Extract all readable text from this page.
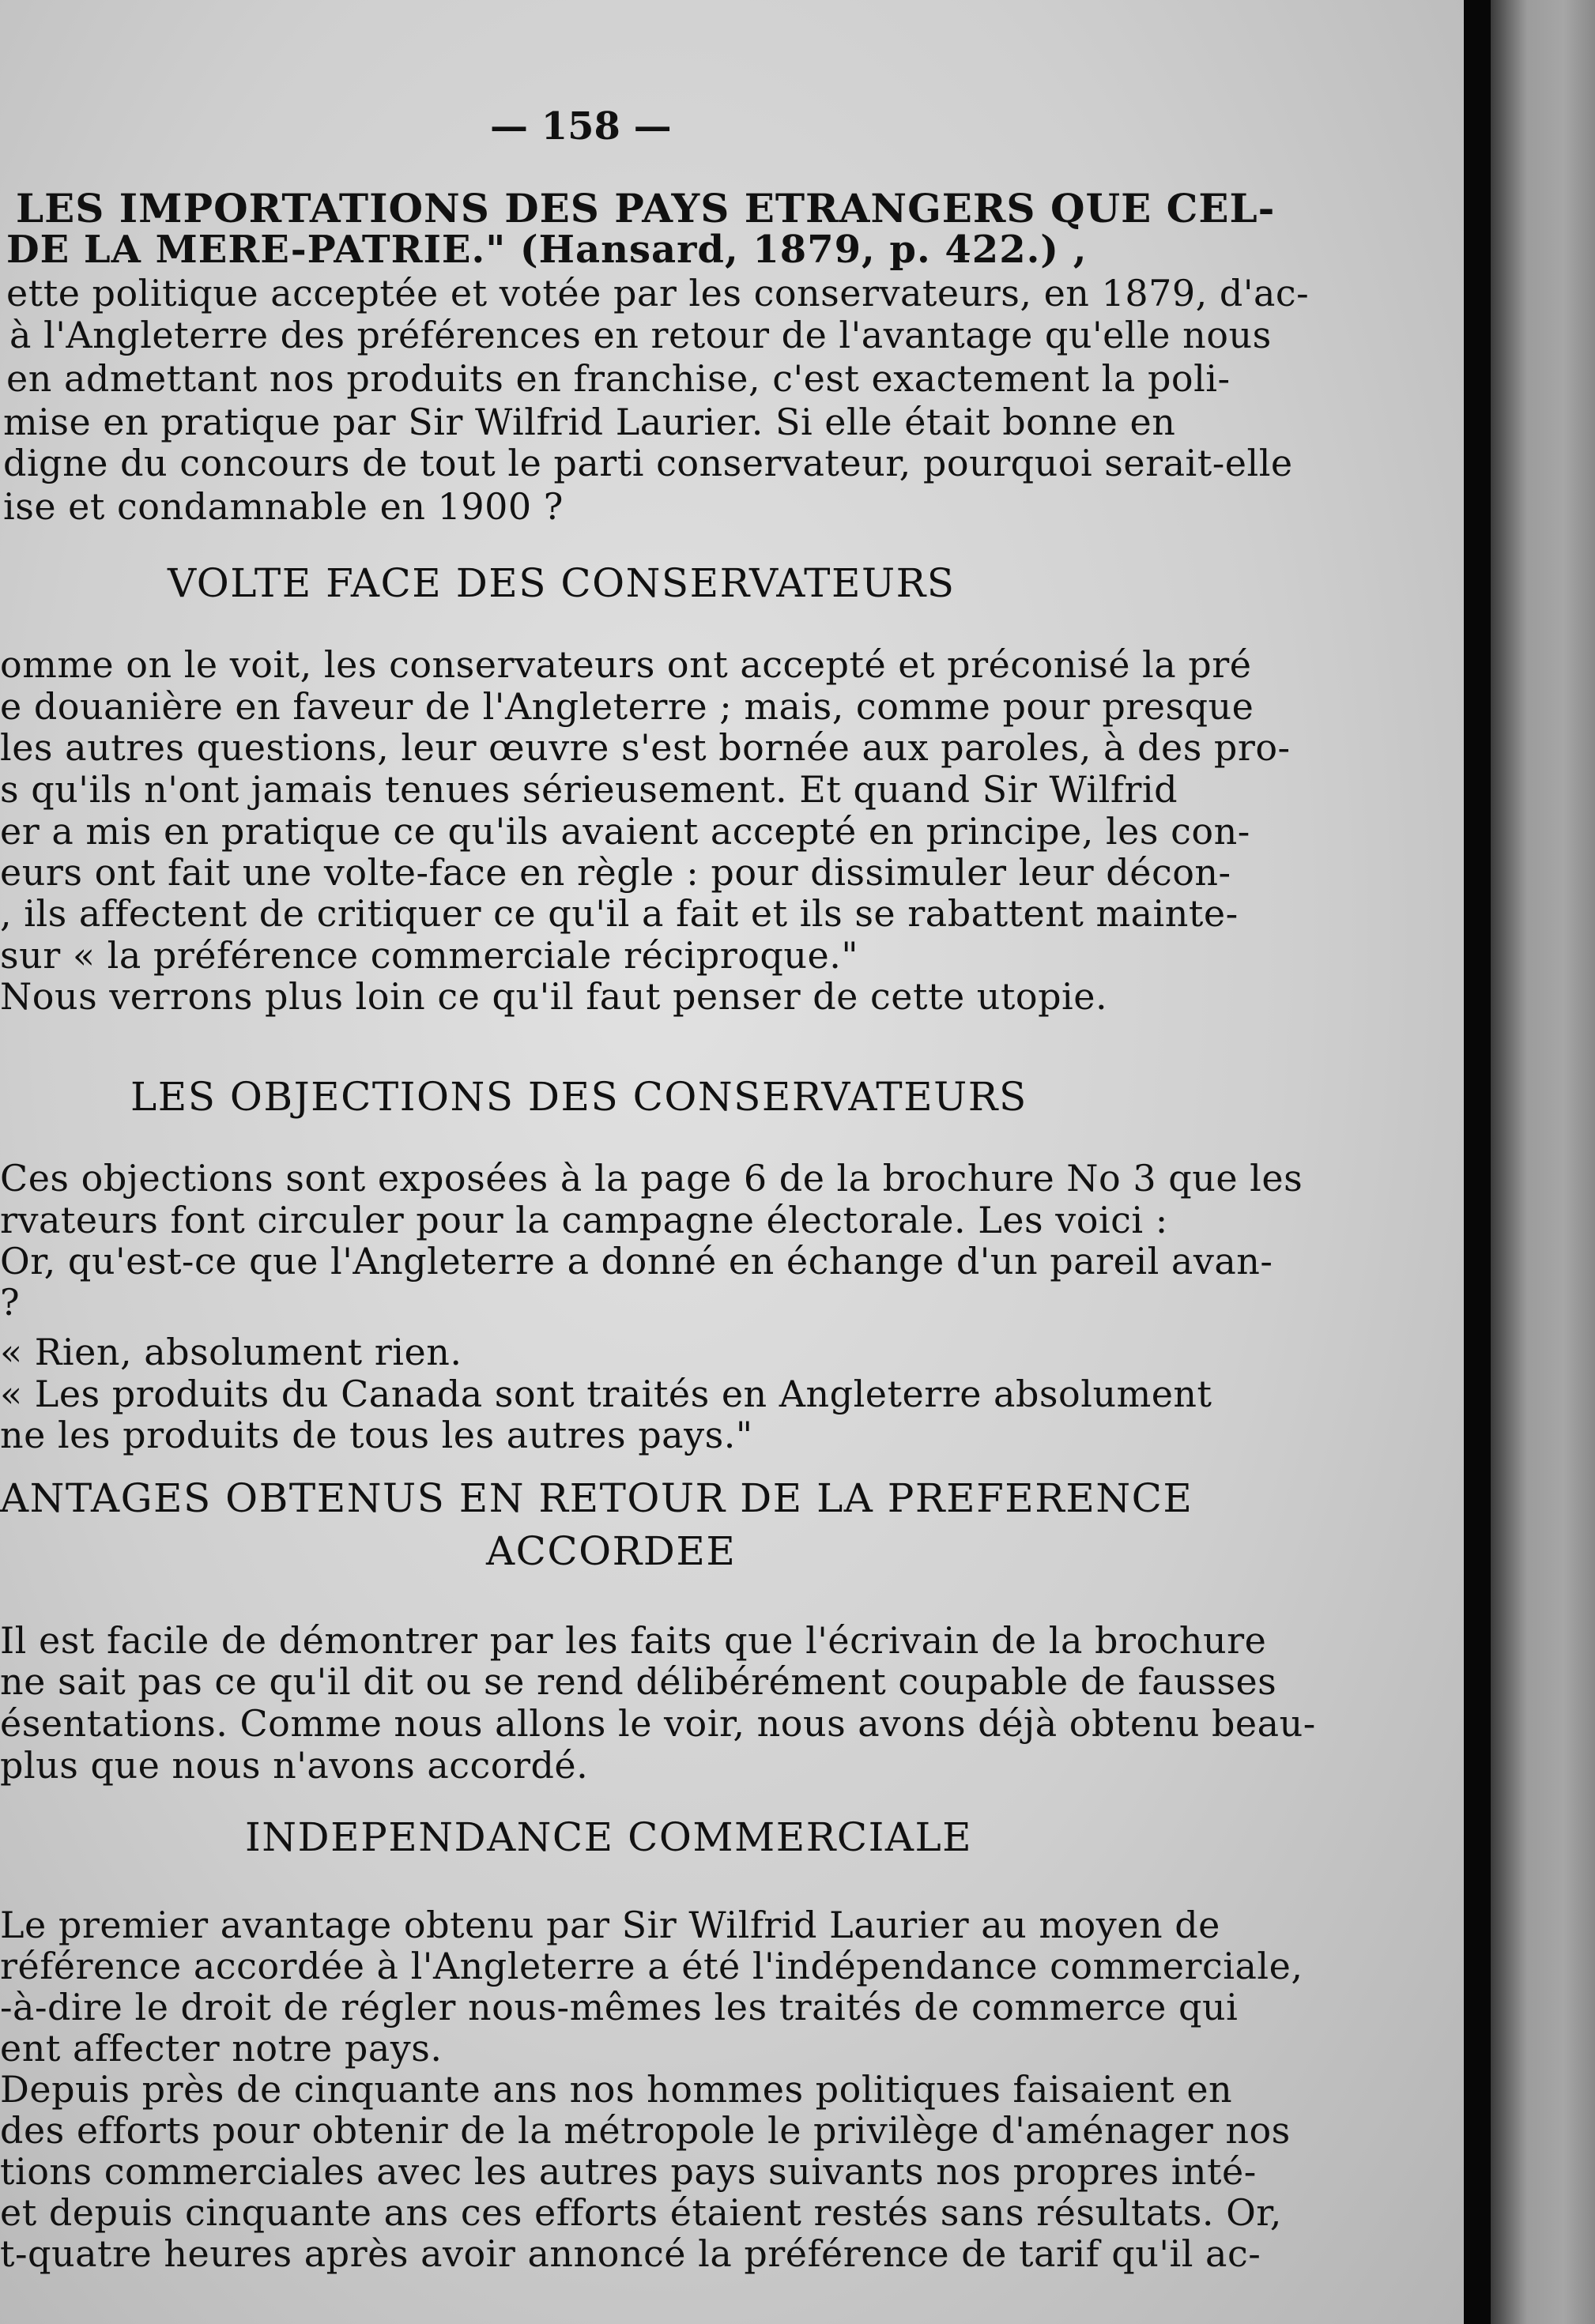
— 158 —
LES IMPORTATIONS DES PAYS ETRANGERS QUE CEL-
DE LA MERE-PATRIE." (Hansard, 1879, p. 422.) ,
ette politique acceptée et votée par les conservateurs, en 1879, d'ac-
à l'Angleterre des préférences en retour de l'avantage qu'elle nous
en admettant nos produits en franchise, c'est exactement la poli-
mise en pratique par Sir Wilfrid Laurier. Si elle était bonne en
digne du concours de tout le parti conservateur, pourquoi serait-elle
ise et condamnable en 1900 ?
VOLTE FACE DES CONSERVATEURS
omme on le voit, les conservateurs ont accepté et préconisé la pré
e douanière en faveur de l'Angleterre ; mais, comme pour presque
les autres questions, leur œuvre s'est bornée aux paroles, à des pro-
s qu'ils n'ont jamais tenues sérieusement. Et quand Sir Wilfrid
er a mis en pratique ce qu'ils avaient accepté en principe, les con-
eurs ont fait une volte-face en règle : pour dissimuler leur décon-
, ils affectent de critiquer ce qu'il a fait et ils se rabattent mainte-
sur « la préférence commerciale réciproque."
Nous verrons plus loin ce qu'il faut penser de cette utopie.
LES OBJECTIONS DES CONSERVATEURS
Ces objections sont exposées à la page 6 de la brochure No 3 que les
rvateurs font circuler pour la campagne électorale. Les voici :
Or, qu'est-ce que l'Angleterre a donné en échange d'un pareil avan-
?
« Rien, absolument rien.
« Les produits du Canada sont traités en Angleterre absolument
ne les produits de tous les autres pays."
ANTAGES OBTENUS EN RETOUR DE LA PREFERENCE
ACCORDEE
Il est facile de démontrer par les faits que l'écrivain de la brochure
ne sait pas ce qu'il dit ou se rend délibérément coupable de fausses
ésentations. Comme nous allons le voir, nous avons déjà obtenu beau-
plus que nous n'avons accordé.
INDEPENDANCE COMMERCIALE
Le premier avantage obtenu par Sir Wilfrid Laurier au moyen de
référence accordée à l'Angleterre a été l'indépendance commerciale,
-à-dire le droit de régler nous-mêmes les traités de commerce qui
ent affecter notre pays.
Depuis près de cinquante ans nos hommes politiques faisaient en
des efforts pour obtenir de la métropole le privilège d'aménager nos
tions commerciales avec les autres pays suivants nos propres inté-
et depuis cinquante ans ces efforts étaient restés sans résultats. Or,
t-quatre heures après avoir annoncé la préférence de tarif qu'il ac-
